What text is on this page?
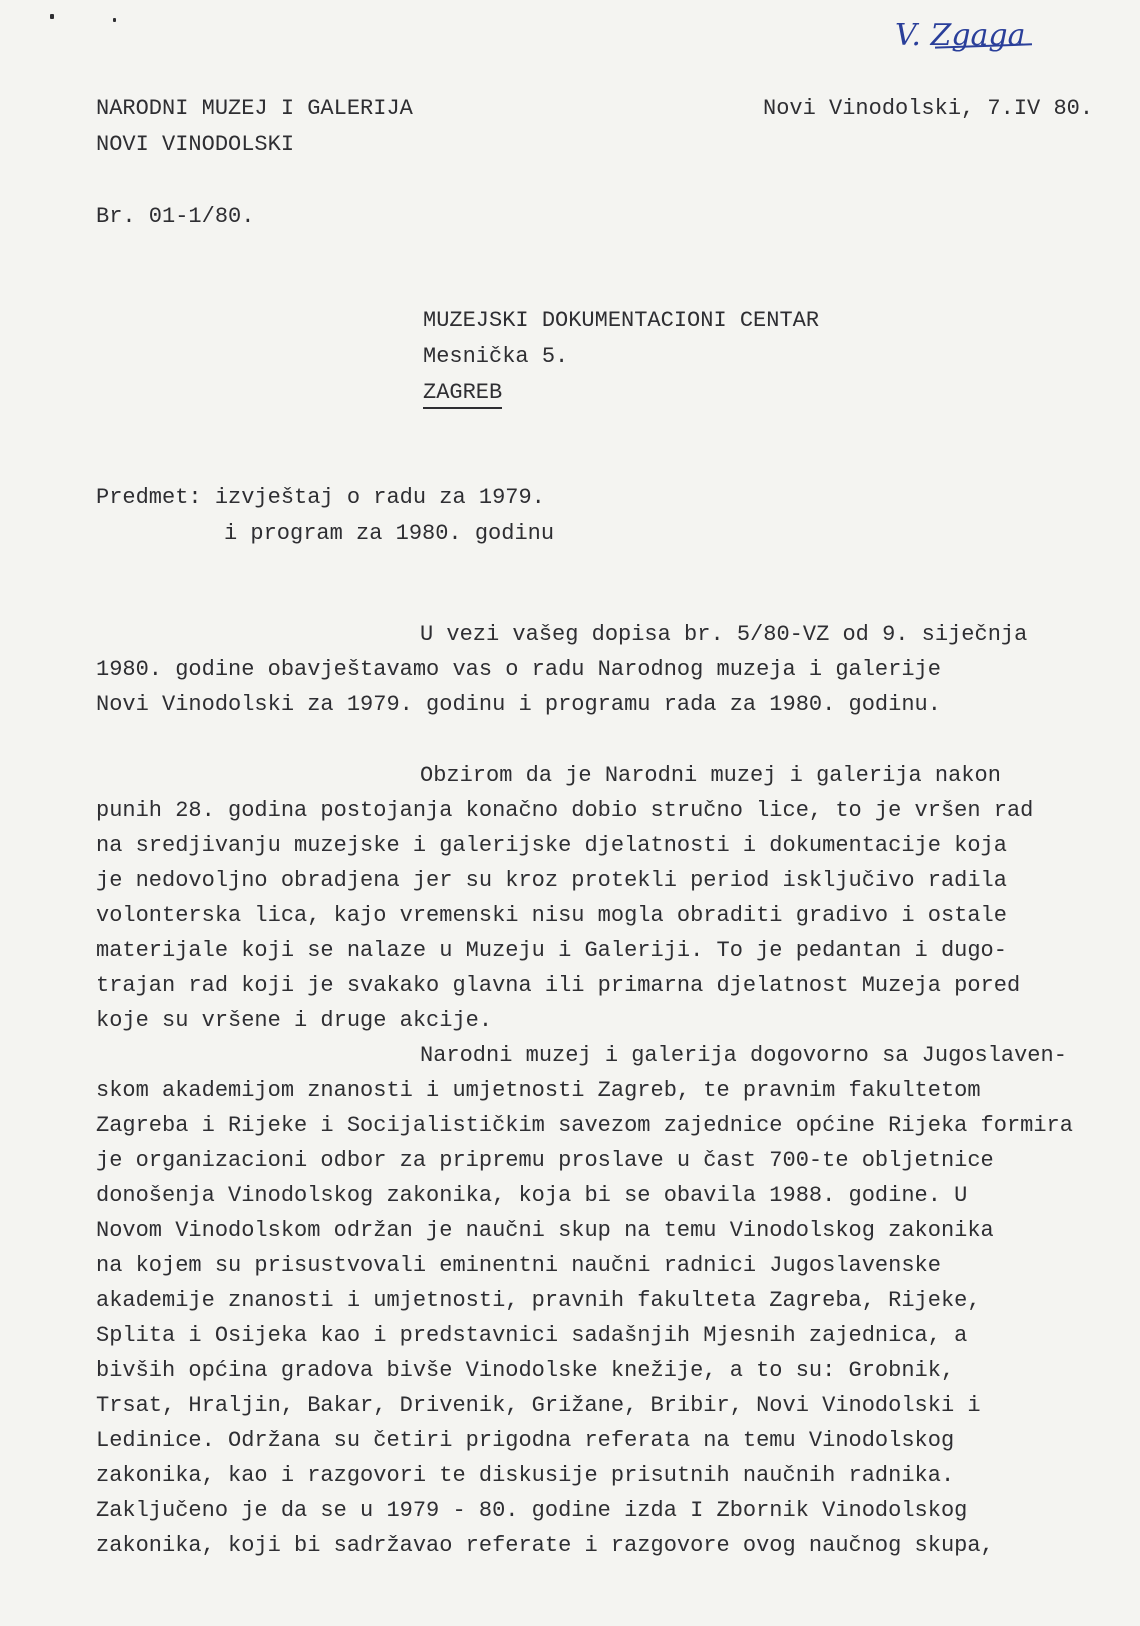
V. Zgaga
NARODNI MUZEJ I GALERIJA
NOVI VINODOLSKI
Novi Vinodolski, 7.IV 80.
Br. 01-1/80.
MUZEJSKI DOKUMENTACIONI CENTAR
Mesnička 5.
ZAGREB
Predmet: izvještaj o radu za 1979.
i program za 1980. godinu
U vezi vašeg dopisa br. 5/80-VZ od 9. siječnja
1980. godine obavještavamo vas o radu Narodnog muzeja i galerije
Novi Vinodolski za 1979. godinu i programu rada za 1980. godinu.
Obzirom da je Narodni muzej i galerija nakon
punih 28. godina postojanja konačno dobio stručno lice, to je vršen rad
na sredjivanju muzejske i galerijske djelatnosti i dokumentacije koja
je nedovoljno obradjena jer su kroz protekli period isključivo radila
volonterska lica, kajo vremenski nisu mogla obraditi gradivo i ostale
materijale koji se nalaze u Muzeju i Galeriji. To je pedantan i dugo-
trajan rad koji je svakako glavna ili primarna djelatnost Muzeja pored
koje su vršene i druge akcije.
Narodni muzej i galerija dogovorno sa Jugoslaven-
skom akademijom znanosti i umjetnosti Zagreb, te pravnim fakultetom
Zagreba i Rijeke i Socijalističkim savezom zajednice općine Rijeka formira
je organizacioni odbor za pripremu proslave u čast 700-te obljetnice
donošenja Vinodolskog zakonika, koja bi se obavila 1988. godine. U
Novom Vinodolskom održan je naučni skup na temu Vinodolskog zakonika
na kojem su prisustvovali eminentni naučni radnici Jugoslavenske
akademije znanosti i umjetnosti, pravnih fakulteta Zagreba, Rijeke,
Splita i Osijeka kao i predstavnici sadašnjih Mjesnih zajednica, a
bivših općina gradova bivše Vinodolske knežije, a to su: Grobnik,
Trsat, Hraljin, Bakar, Drivenik, Grižane, Bribir, Novi Vinodolski i
Ledinice. Održana su četiri prigodna referata na temu Vinodolskog
zakonika, kao i razgovori te diskusije prisutnih naučnih radnika.
Zaključeno je da se u 1979 - 80. godine izda I Zbornik Vinodolskog
zakonika, koji bi sadržavao referate i razgovore ovog naučnog skupa,
